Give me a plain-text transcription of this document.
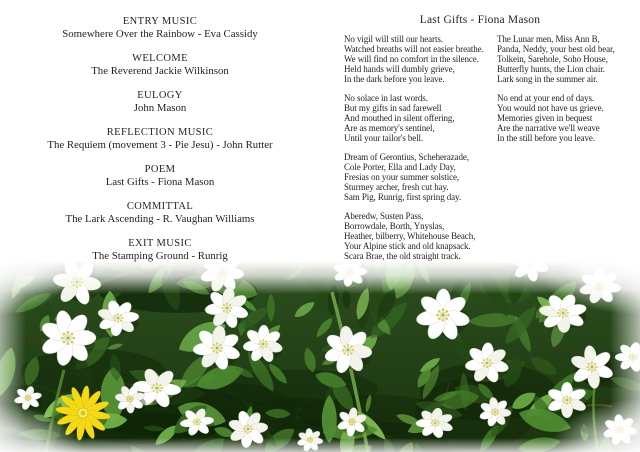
ENTRY MUSIC
Somewhere Over the Rainbow - Eva Cassidy
WELCOME
The Reverend Jackie Wilkinson
EULOGY
John Mason
REFLECTION MUSIC
The Requiem (movement 3 - Pie Jesu) - John Rutter
POEM
Last Gifts - Fiona Mason
COMMITTAL
The Lark Ascending - R. Vaughan Williams
EXIT MUSIC
The Stamping Ground - Runrig
Last Gifts - Fiona Mason
No vigil will still our hearts.
Watched breaths will not easier breathe.
We will find no comfort in the silence.
Held hands will dumbly grieve,
In the dark before you leave.
No solace in last words.
But my gifts in sad farewell
And mouthed in silent offering,
Are as memory's sentinel,
Until your tailor's bell.
Dream of Gerontius, Scheherazade,
Cole Porter, Ella and Lady Day,
Fresias on your summer solstice,
Sturmey archer, fresh cut hay.
Sam Pig, Runrig, first spring day.
Aberedw, Susten Pass,
Borrowdale, Borth, Ynyslas,
Heather, bilberry, Whitehouse Beach,
Your Alpine stick and old knapsack.
Scara Brae, the old straight track.
The Lunar men, Miss Ann B,
Panda, Neddy, your best old bear,
Tolkein, Sarehole, Soho House,
Butterfly hunts, the Lion chair.
Lark song in the summer air.
No end at your end of days.
You would not have us grieve.
Memories given in bequest
Are the narrative we'll weave
In the still before you leave.
